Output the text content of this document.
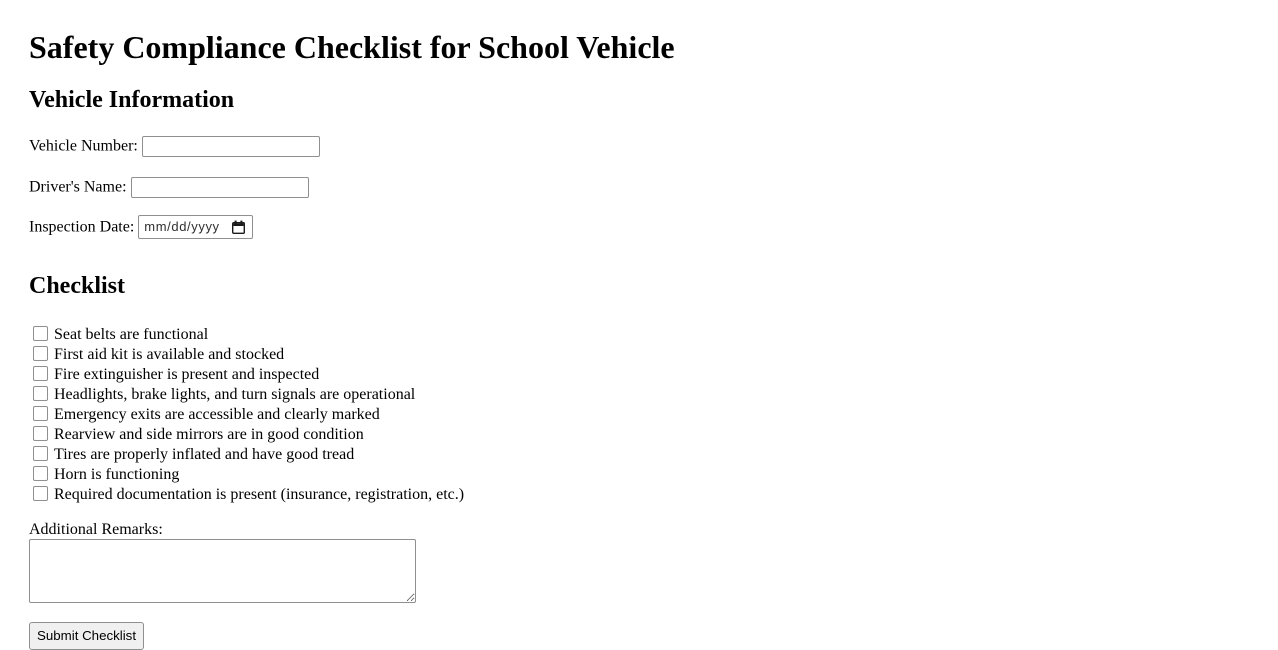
Safety Compliance Checklist for School Vehicle
Vehicle Information

Vehicle Number:

Driver's Name:

Inspection Date: mm/dd/yyyy

Checklist
Seat belts are functional
First aid kit is available and stocked
Fire extinguisher is present and inspected
Headlights, brake lights, and turn signals are operational
Emergency exits are accessible and clearly marked
Rearview and side mirrors are in good condition
Tires are properly inflated and have good tread
Horn is functioning
Required documentation is present (insurance, registration, etc.)
Additional Remarks:
Submit Checklist
